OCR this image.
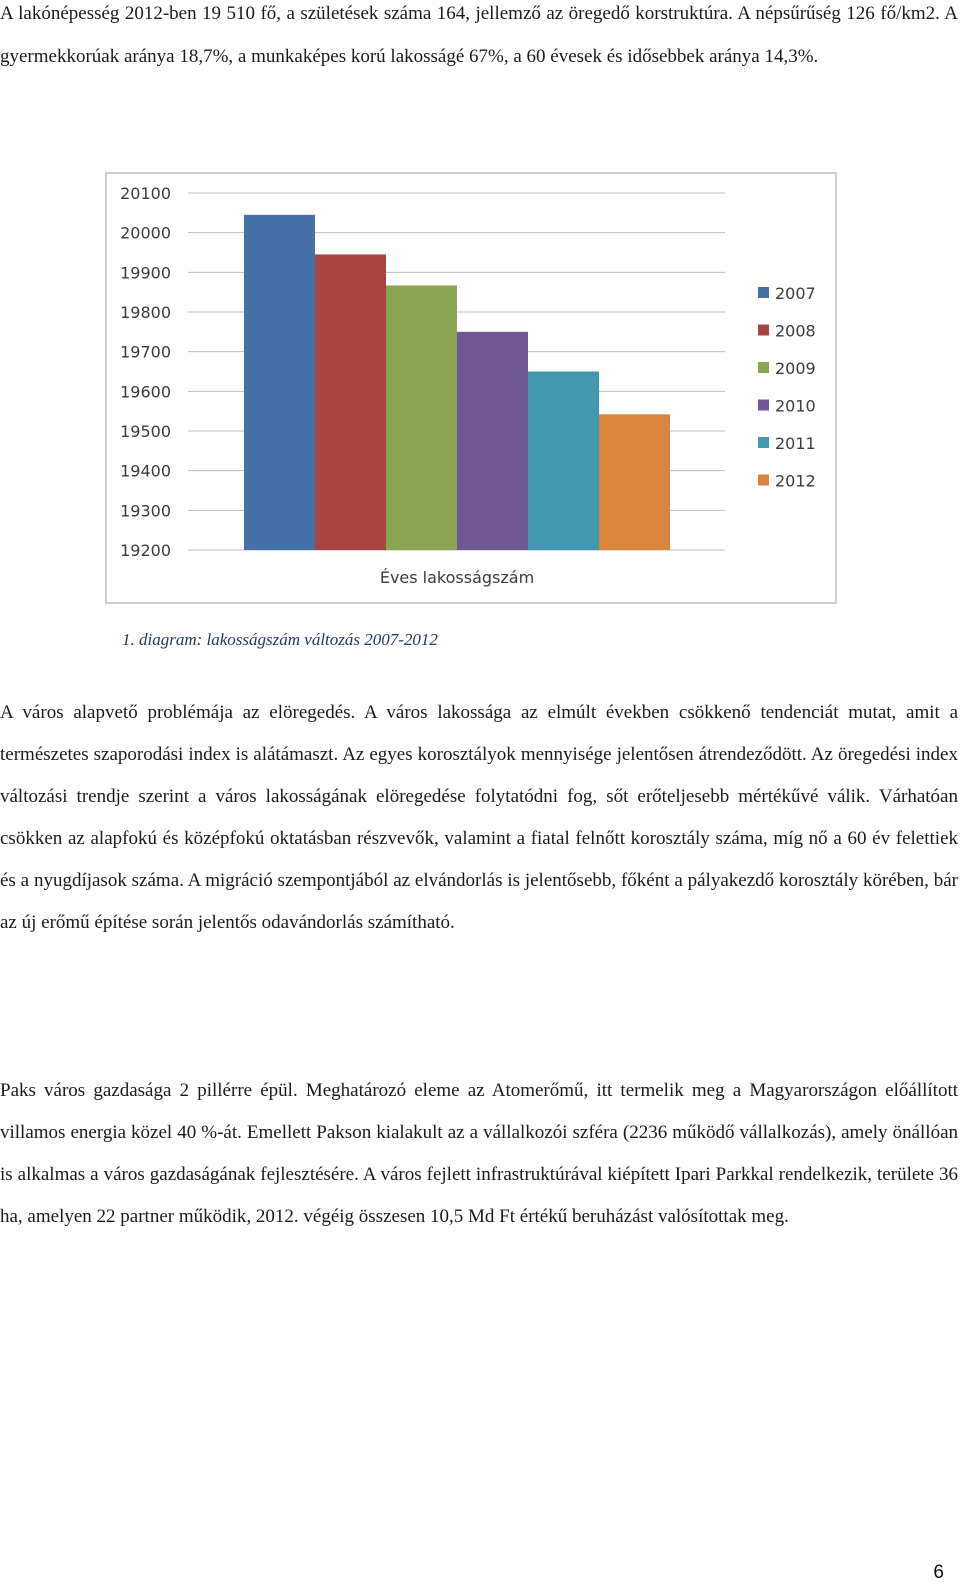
A lakónépesség 2012-ben 19 510 fő, a születések száma 164, jellemző az öregedő korstruktúra. A népsűrűség 126 fő/km2. A gyermekkorúak aránya 18,7%, a munkaképes korú lakosságé 67%, a 60 évesek és idősebbek aránya 14,3%.

20100
20000
19900
19800
19700
19600
19500
19400
19300
19200
2007
2008
2009
2010
2011
2012
Éves lakosságszám

1. diagram: lakosságszám változás 2007-2012

A város alapvető problémája az elöregedés. A város lakossága az elmúlt években csökkenő tendenciát mutat, amit a természetes szaporodási index is alátámaszt. Az egyes korosztályok mennyisége jelentősen átrendeződött. Az öregedési index változási trendje szerint a város lakosságának elöregedése folytatódni fog, sőt erőteljesebb mértékűvé válik. Várhatóan csökken az alapfokú és középfokú oktatásban részvevők, valamint a fiatal felnőtt korosztály száma, míg nő a 60 év felettiek és a nyugdíjasok száma. A migráció szempontjából az elvándorlás is jelentősebb, főként a pályakezdő korosztály körében, bár az új erőmű építése során jelentős odavándorlás számítható.

Paks város gazdasága 2 pillérre épül. Meghatározó eleme az Atomerőmű, itt termelik meg a Magyarországon előállított villamos energia közel 40 %-át. Emellett Pakson kialakult az a vállalkozói szféra (2236 működő vállalkozás), amely önállóan is alkalmas a város gazdaságának fejlesztésére. A város fejlett infrastruktúrával kiépített Ipari Parkkal rendelkezik, területe 36 ha, amelyen 22 partner működik, 2012. végéig összesen 10,5 Md Ft értékű beruházást valósítottak meg.

6
